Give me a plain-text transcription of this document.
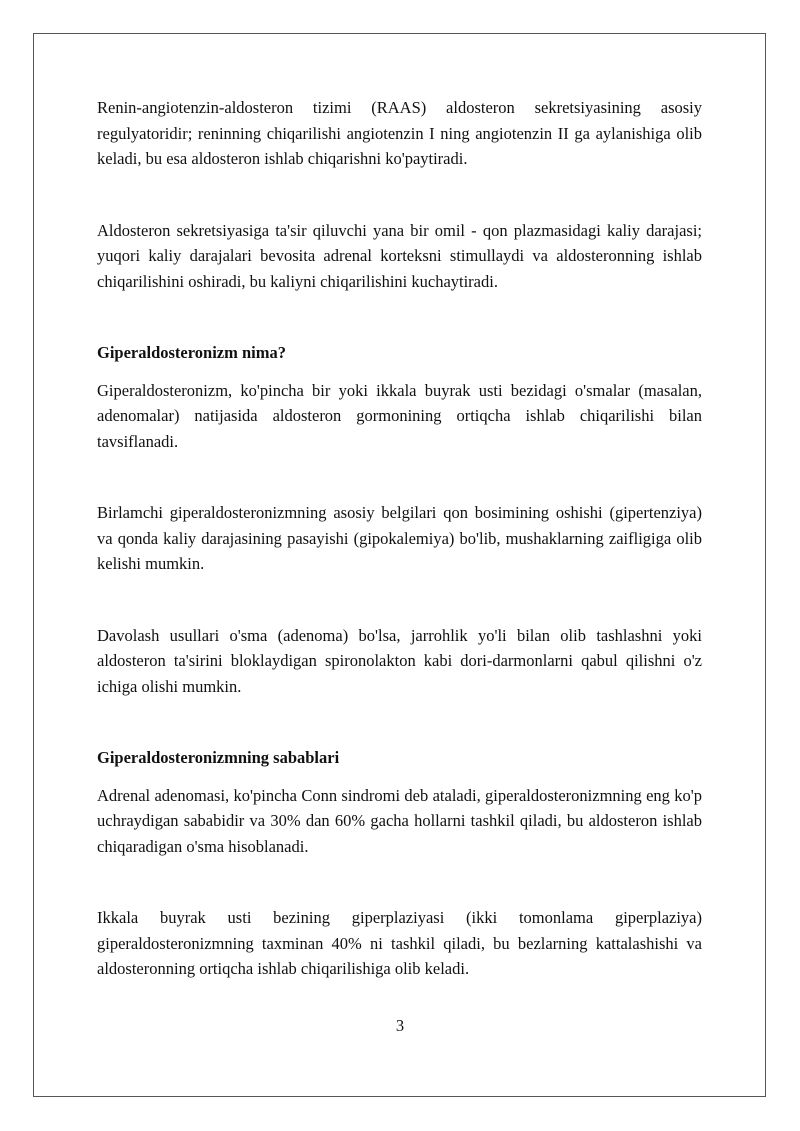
Renin-angiotenzin-aldosteron tizimi (RAAS) aldosteron sekretsiyasining asosiy regulyatoridir; reninning chiqarilishi angiotenzin I ning angiotenzin II ga aylanishiga olib keladi, bu esa aldosteron ishlab chiqarishni ko'paytiradi.

Aldosteron sekretsiyasiga ta'sir qiluvchi yana bir omil - qon plazmasidagi kaliy darajasi; yuqori kaliy darajalari bevosita adrenal korteksni stimullaydi va aldosteronning ishlab chiqarilishini oshiradi, bu kaliyni chiqarilishini kuchaytiradi.

Giperaldosteronizm nima?

Giperaldosteronizm, ko'pincha bir yoki ikkala buyrak usti bezidagi o'smalar (masalan, adenomalar) natijasida aldosteron gormonining ortiqcha ishlab chiqarilishi bilan tavsiflanadi.

Birlamchi giperaldosteronizmning asosiy belgilari qon bosimining oshishi (gipertenziya) va qonda kaliy darajasining pasayishi (gipokalemiya) bo'lib, mushaklarning zaifligiga olib kelishi mumkin.

Davolash usullari o'sma (adenoma) bo'lsa, jarrohlik yo'li bilan olib tashlashni yoki aldosteron ta'sirini bloklaydigan spironolakton kabi dori-darmonlarni qabul qilishni o'z ichiga olishi mumkin.

Giperaldosteronizmning sabablari

Adrenal adenomasi, ko'pincha Conn sindromi deb ataladi, giperaldosteronizmning eng ko'p uchraydigan sababidir va 30% dan 60% gacha hollarni tashkil qiladi, bu aldosteron ishlab chiqaradigan o'sma hisoblanadi.

Ikkala buyrak usti bezining giperplaziyasi (ikki tomonlama giperplaziya) giperaldosteronizmning taxminan 40% ni tashkil qiladi, bu bezlarning kattalashishi va aldosteronning ortiqcha ishlab chiqarilishiga olib keladi.

3
